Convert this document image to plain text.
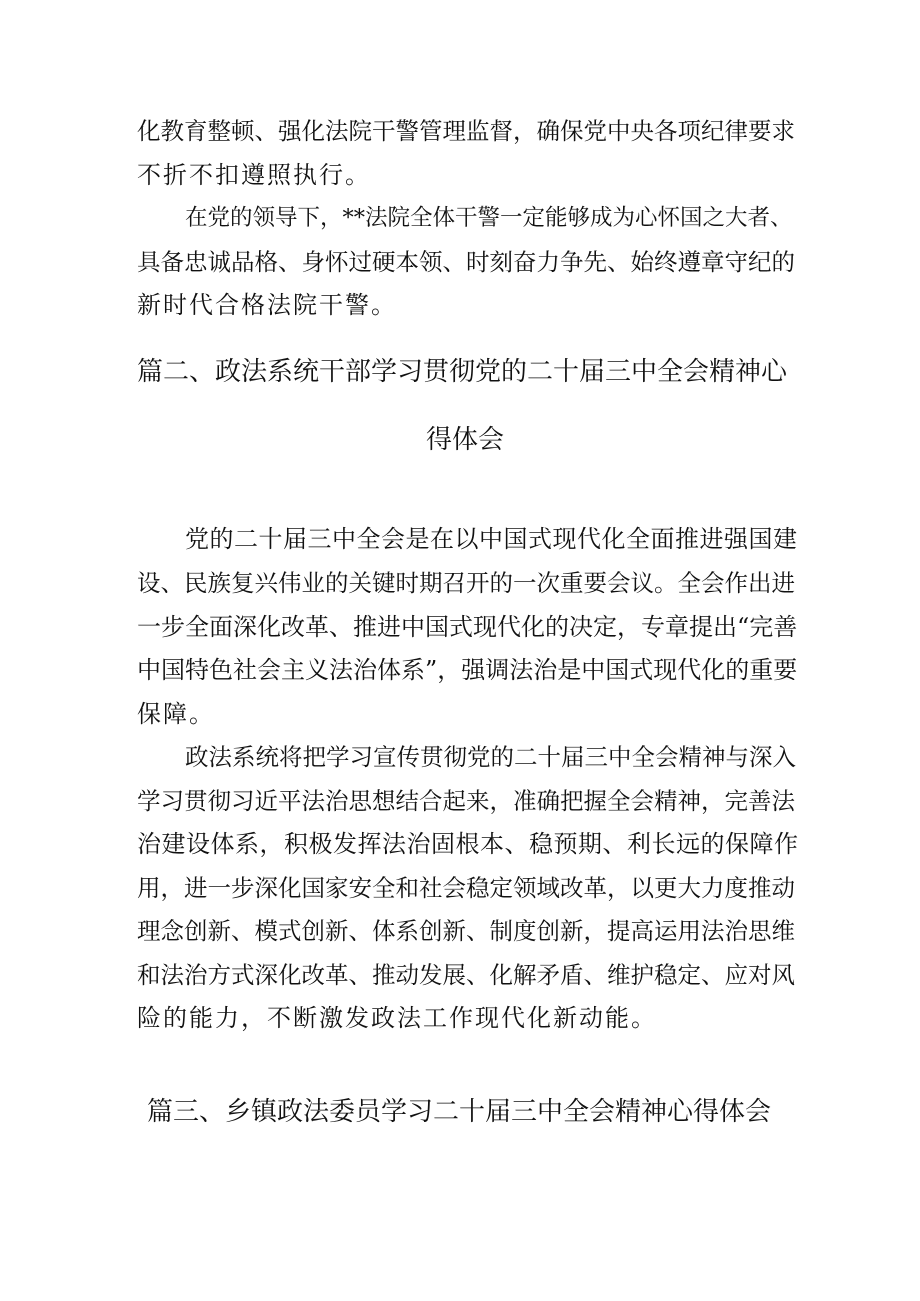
化教育整顿、强化法院干警管理监督，确保党中央各项纪律要求
不折不扣遵照执行。
在党的领导下，**法院全体干警一定能够成为心怀国之大者、
具备忠诚品格、身怀过硬本领、时刻奋力争先、始终遵章守纪的
新时代合格法院干警。
篇二、政法系统干部学习贯彻党的二十届三中全会精神心
得体会
党的二十届三中全会是在以中国式现代化全面推进强国建
设、民族复兴伟业的关键时期召开的一次重要会议。全会作出进
一步全面深化改革、推进中国式现代化的决定，专章提出“完善
中国特色社会主义法治体系”，强调法治是中国式现代化的重要
保障。
政法系统将把学习宣传贯彻党的二十届三中全会精神与深入
学习贯彻习近平法治思想结合起来，准确把握全会精神，完善法
治建设体系，积极发挥法治固根本、稳预期、利长远的保障作
用，进一步深化国家安全和社会稳定领域改革，以更大力度推动
理念创新、模式创新、体系创新、制度创新，提高运用法治思维
和法治方式深化改革、推动发展、化解矛盾、维护稳定、应对风
险的能力，不断激发政法工作现代化新动能。
篇三、乡镇政法委员学习二十届三中全会精神心得体会
